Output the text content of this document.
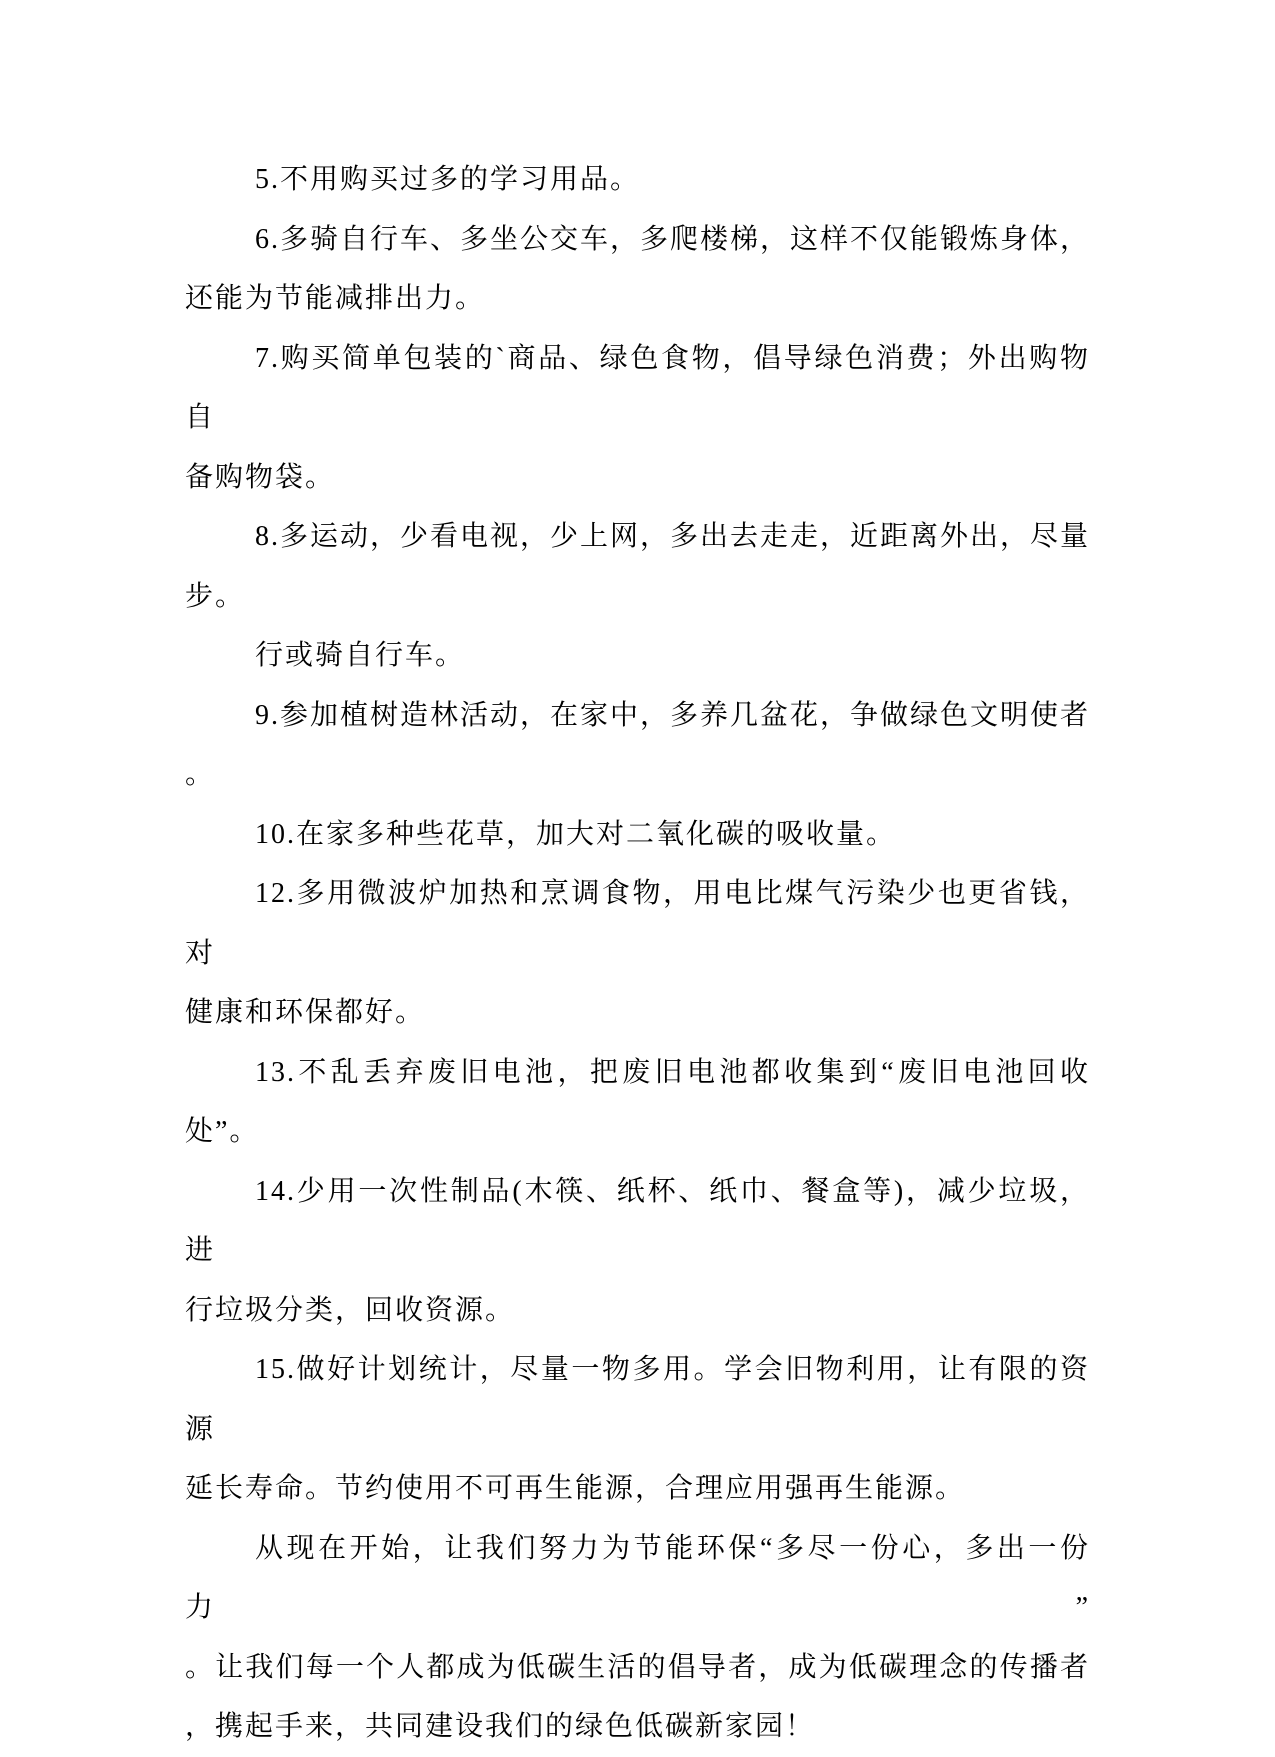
5.不用购买过多的学习用品。
6.多骑自行车、多坐公交车，多爬楼梯，这样不仅能锻炼身体，
还能为节能减排出力。
7.购买简单包装的`商品、绿色食物，倡导绿色消费；外出购物自
备购物袋。
8.多运动，少看电视，少上网，多出去走走，近距离外出，尽量
步。
行或骑自行车。
9.参加植树造林活动，在家中，多养几盆花，争做绿色文明使者
。
10.在家多种些花草，加大对二氧化碳的吸收量。
12.多用微波炉加热和烹调食物，用电比煤气污染少也更省钱，对
健康和环保都好。
13.不乱丢弃废旧电池，把废旧电池都收集到“废旧电池回收处”。
14.少用一次性制品(木筷、纸杯、纸巾、餐盒等)，减少垃圾，进
行垃圾分类，回收资源。
15.做好计划统计，尽量一物多用。学会旧物利用，让有限的资源
延长寿命。节约使用不可再生能源，合理应用强再生能源。
从现在开始，让我们努力为节能环保“多尽一份心，多出一份力”
。让我们每一个人都成为低碳生活的倡导者，成为低碳理念的传播者
，携起手来，共同建设我们的绿色低碳新家园！
